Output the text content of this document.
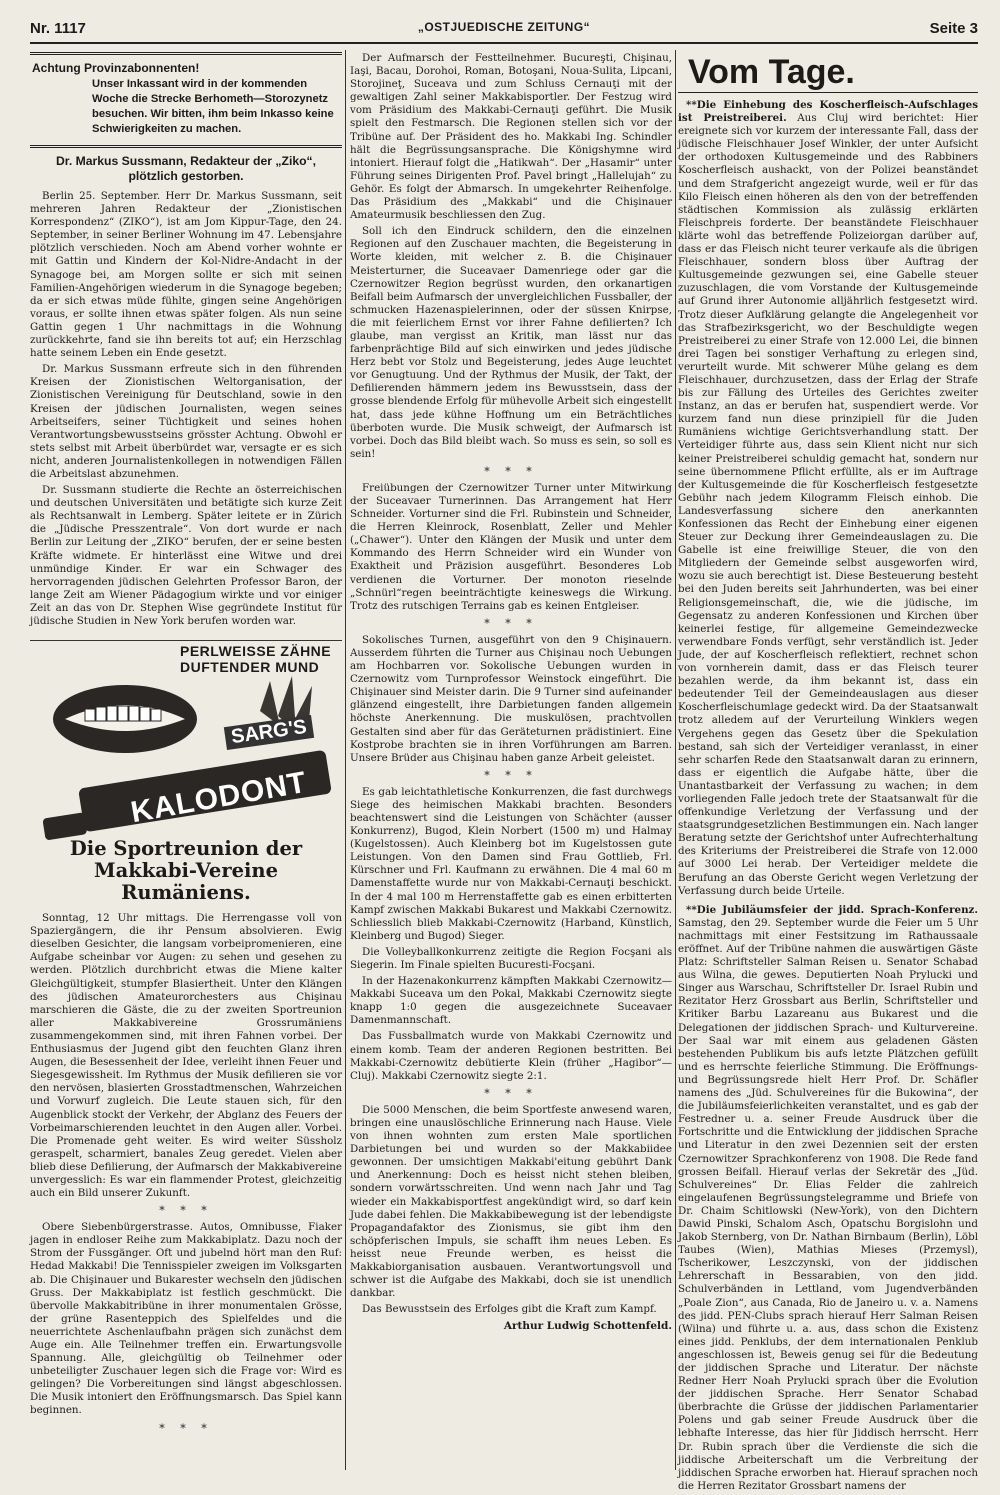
Nr. 1117	„OSTJUEDISCHE ZEITUNG“	Seite 3
Achtung Provinzabonnenten!
Unser Inkassant wird in der kommenden Woche die Strecke Berhometh—Storozynetz besuchen. Wir bitten, ihm beim Inkasso keine Schwierigkeiten zu machen.
Dr. Markus Sussmann, Redakteur der „Ziko“, plötzlich gestorben.

Berlin 25. September. Herr Dr. Markus Sussmann, seit mehreren Jahren Redakteur der „Zionistischen Korrespondenz“ (ZIKO“), ist am Jom Kippur-Tage, den 24. September, in seiner Berliner Wohnung im 47. Lebensjahre plötzlich verschieden. Noch am Abend vorher wohnte er mit Gattin und Kindern der Kol-Nidre-Andacht in der Synagoge bei, am Morgen sollte er sich mit seinen Familien-Angehörigen wiederum in die Synagoge begeben; da er sich etwas müde fühlte, gingen seine Angehörigen voraus, er sollte ihnen etwas später folgen. Als nun seine Gattin gegen 1 Uhr nachmittags in die Wohnung zurückkehrte, fand sie ihn bereits tot auf; ein Herzschlag hatte seinem Leben ein Ende gesetzt.

Dr. Markus Sussmann erfreute sich in den führenden Kreisen der Zionistischen Weltorganisation, der Zionistischen Vereinigung für Deutschland, sowie in den Kreisen der jüdischen Journalisten, wegen seines Arbeitseifers, seiner Tüchtigkeit und seines hohen Verantwortungsbewusstseins grösster Achtung. Obwohl er stets selbst mit Arbeit überbürdet war, versagte er es sich nicht, anderen Journalistenkollegen in notwendigen Fällen die Arbeitslast abzunehmen.

Dr. Sussmann studierte die Rechte an österreichischen und deutschen Universitäten und betätigte sich kurze Zeit als Rechtsanwalt in Lemberg. Später leitete er in Zürich die „Jüdische Presszentrale“. Von dort wurde er nach Berlin zur Leitung der „ZIKO“ berufen, der er seine besten Kräfte widmete. Er hinterlässt eine Witwe und drei unmündige Kinder. Er war ein Schwager des hervorragenden jüdischen Gelehrten Professor Baron, der lange Zeit am Wiener Pädagogium wirkte und vor einiger Zeit an das von Dr. Stephen Wise gegründete Institut für jüdische Studien in New York berufen worden war.

PERLWEISSE ZÄHNE
DUFTENDER MUND
SARG'S
KALODONT
Die Sportreunion der Makkabi-Vereine Rumäniens.

Sonntag, 12 Uhr mittags. Die Herrengasse voll von Spaziergängern, die ihr Pensum absolvieren. Ewig dieselben Gesichter, die langsam vorbeipromenieren, eine Aufgabe scheinbar vor Augen: zu sehen und gesehen zu werden. Plötzlich durchbricht etwas die Miene kalter Gleichgültigkeit, stumpfer Blasiertheit. Unter den Klängen des jüdischen Amateurorchesters aus Chişinau marschieren die Gäste, die zu der zweiten Sportreunion aller Makkabivereine Grossrumäniens zusammengekommen sind, mit ihren Fahnen vorbei. Der Enthusiasmus der Jugend gibt den feuchten Glanz ihren Augen, die Besessenheit der Idee, verleiht ihnen Feuer und Siegesgewissheit. Im Rythmus der Musik defilieren sie vor den nervösen, blasierten Grosstadtmenschen, Wahrzeichen und Vorwurf zugleich. Die Leute stauen sich, für den Augenblick stockt der Verkehr, der Abglanz des Feuers der Vorbeimarschierenden leuchtet in den Augen aller. Vorbei. Die Promenade geht weiter. Es wird weiter Süssholz geraspelt, scharmiert, banales Zeug geredet. Vielen aber blieb diese Defilierung, der Aufmarsch der Makkabivereine unvergesslich: Es war ein flammender Protest, gleichzeitig auch ein Bild unserer Zukunft.

* * *

Obere Siebenbürgerstrasse. Autos, Omnibusse, Fiaker jagen in endloser Reihe zum Makkabiplatz. Dazu noch der Strom der Fussgänger. Oft und jubelnd hört man den Ruf: Hedad Makkabi! Die Tennisspieler zweigen im Volksgarten ab. Die Chişinauer und Bukarester wechseln den jüdischen Gruss. Der Makkabiplatz ist festlich geschmückt. Die übervolle Makkabitribüne in ihrer monumentalen Grösse, der grüne Rasenteppich des Spielfeldes und die neuerrichtete Aschenlaufbahn prägen sich zunächst dem Auge ein. Alle Teilnehmer treffen ein. Erwartungsvolle Spannung. Alle, gleichgültig ob Teilnehmer oder unbeteiligter Zuschauer legen sich die Frage vor: Wird es gelingen? Die Vorbereitungen sind längst abgeschlossen. Die Musik intoniert den Eröffnungsmarsch. Das Spiel kann beginnen.

* * *

Der Aufmarsch der Festteilnehmer. Bucureşti, Chişinau, Iaşi, Bacau, Dorohoi, Roman, Botoşani, Noua-Sulita, Lipcani, Storojineţ, Suceava und zum Schluss Cernauţi mit der gewaltigen Zahl seiner Makkabisportler. Der Festzug wird vom Präsidium des Makkabi-Cernauţi geführt. Die Musik spielt den Festmarsch. Die Regionen stellen sich vor der Tribüne auf. Der Präsident des ho. Makkabi Ing. Schindler hält die Begrüssungsansprache. Die Königshymne wird intoniert. Hierauf folgt die „Hatikwah“. Der „Hasamir“ unter Führung seines Dirigenten Prof. Pavel bringt „Hallelujah“ zu Gehör. Es folgt der Abmarsch. In umgekehrter Reihenfolge. Das Präsidium des „Makkabi“ und die Chişinauer Amateurmusik beschliessen den Zug.

Soll ich den Eindruck schildern, den die einzelnen Regionen auf den Zuschauer machten, die Begeisterung in Worte kleiden, mit welcher z. B. die Chişinauer Meisterturner, die Suceavaer Damenriege oder gar die Czernowitzer Region begrüsst wurden, den orkanartigen Beifall beim Aufmarsch der unvergleichlichen Fussballer, der schmucken Hazenaspielerinnen, oder der süssen Knirpse, die mit feierlichem Ernst vor ihrer Fahne defilierten? Ich glaube, man vergisst an Kritik, man lässt nur das farbenprächtige Bild auf sich einwirken und jedes jüdische Herz bebt vor Stolz und Begeisterung, jedes Auge leuchtet vor Genugtuung. Und der Rythmus der Musik, der Takt, der Defilierenden hämmern jedem ins Bewusstsein, dass der grosse blendende Erfolg für mühevolle Arbeit sich eingestellt hat, dass jede kühne Hoffnung um ein Beträchtliches überboten wurde. Die Musik schweigt, der Aufmarsch ist vorbei. Doch das Bild bleibt wach. So muss es sein, so soll es sein!

* * *

Freiübungen der Czernowitzer Turner unter Mitwirkung der Suceavaer Turnerinnen. Das Arrangement hat Herr Schneider. Vorturner sind die Frl. Rubinstein und Schneider, die Herren Kleinrock, Rosenblatt, Zeller und Mehler („Chawer“). Unter den Klängen der Musik und unter dem Kommando des Herrn Schneider wird ein Wunder von Exaktheit und Präzision ausgeführt. Besonderes Lob verdienen die Vorturner. Der monoton rieselnde „Schnürl“regen beeinträchtigte keineswegs die Wirkung. Trotz des rutschigen Terrains gab es keinen Entgleiser.

* * *

Sokolisches Turnen, ausgeführt von den 9 Chişinauern. Ausserdem führten die Turner aus Chişinau noch Uebungen am Hochbarren vor. Sokolische Uebungen wurden in Czernowitz vom Turnprofessor Weinstock eingeführt. Die Chişinauer sind Meister darin. Die 9 Turner sind aufeinander glänzend eingestellt, ihre Darbietungen fanden allgemein höchste Anerkennung. Die muskulösen, prachtvollen Gestalten sind aber für das Geräteturnen prädistiniert. Eine Kostprobe brachten sie in ihren Vorführungen am Barren. Unsere Brüder aus Chişinau haben ganze Arbeit geleistet.

* * *

Es gab leichtathletische Konkurrenzen, die fast durchwegs Siege des heimischen Makkabi brachten. Besonders beachtenswert sind die Leistungen von Schächter (ausser Konkurrenz), Bugod, Klein Norbert (1500 m) und Halmay (Kugelstossen). Auch Kleinberg bot im Kugelstossen gute Leistungen. Von den Damen sind Frau Gottlieb, Frl. Kürschner und Frl. Kaufmann zu erwähnen. Die 4 mal 60 m Damenstaffette wurde nur von Makkabi-Cernauţi beschickt. In der 4 mal 100 m Herrenstaffette gab es einen erbitterten Kampf zwischen Makkabi Bukarest und Makkabi Czernowitz. Schliesslich blieb Makkabi-Czernowitz (Harband, Künstlich, Kleinberg und Bugod) Sieger.

Die Volleyballkonkurrenz zeitigte die Region Focşani als Siegerin. Im Finale spielten Bucuresti-Focşani.

In der Hazenakonkurrenz kämpften Makkabi Czernowitz—Makkabi Suceava um den Pokal, Makkabi Czernowitz siegte knapp 1:0 gegen die ausgezeichnete Suceavaer Damenmannschaft.

Das Fussballmatch wurde von Makkabi Czernowitz und einem komb. Team der anderen Regionen bestritten. Bei Makkabi-Czernowitz debütierte Klein (früher „Hagibor“—Cluj). Makkabi Czernowitz siegte 2:1.

* * *

Die 5000 Menschen, die beim Sportfeste anwesend waren, bringen eine unauslöschliche Erinnerung nach Hause. Viele von ihnen wohnten zum ersten Male sportlichen Darbietungen bei und wurden so der Makkabiidee gewonnen. Der umsichtigen Makkabi'eitung gebührt Dank und Anerkennung: Doch es heisst nicht stehen bleiben, sondern vorwärtsschreiten. Und wenn nach Jahr und Tag wieder ein Makkabisportfest angekündigt wird, so darf kein Jude dabei fehlen. Die Makkabibewegung ist der lebendigste Propagandafaktor des Zionismus, sie gibt ihm den schöpferischen Impuls, sie schafft ihm neues Leben. Es heisst neue Freunde werben, es heisst die Makkabiorganisation ausbauen. Verantwortungsvoll und schwer ist die Aufgabe des Makkabi, doch sie ist unendlich dankbar.

Das Bewusstsein des Erfolges gibt die Kraft zum Kampf.

Arthur Ludwig Schottenfeld.
Vom Tage.

**Die Einhebung des Koscherfleisch-Aufschlages ist Preistreiberei. Aus Cluj wird berichtet: Hier ereignete sich vor kurzem der interessante Fall, dass der jüdische Fleischhauer Josef Winkler, der unter Aufsicht der orthodoxen Kultusgemeinde und des Rabbiners Koscherfleisch aushackt, von der Polizei beanständet und dem Strafgericht angezeigt wurde, weil er für das Kilo Fleisch einen höheren als den von der betreffenden städtischen Kommission als zulässig erklärten Fleischpreis forderte. Der beanständete Fleischhauer klärte wohl das betreffende Polizeiorgan darüber auf, dass er das Fleisch nicht teurer verkaufe als die übrigen Fleischhauer, sondern bloss über Auftrag der Kultusgemeinde gezwungen sei, eine Gabelle steuer zuzuschlagen, die vom Vorstande der Kultusgemeinde auf Grund ihrer Autonomie alljährlich festgesetzt wird. Trotz dieser Aufklärung gelangte die Angelegenheit vor das Strafbezirksgericht, wo der Beschuldigte wegen Preistreiberei zu einer Strafe von 12.000 Lei, die binnen drei Tagen bei sonstiger Verhaftung zu erlegen sind, verurteilt wurde. Mit schwerer Mühe gelang es dem Fleischhauer, durchzusetzen, dass der Erlag der Strafe bis zur Fällung des Urteiles des Gerichtes zweiter Instanz, an das er berufen hat, suspendiert werde. Vor kurzem fand nun diese prinzipiell für die Juden Rumäniens wichtige Gerichtsverhandlung statt. Der Verteidiger führte aus, dass sein Klient nicht nur sich keiner Preistreiberei schuldig gemacht hat, sondern nur seine übernommene Pflicht erfüllte, als er im Auftrage der Kultusgemeinde die für Koscherfleisch festgesetzte Gebühr nach jedem Kilogramm Fleisch einhob. Die Landesverfassung sichere den anerkannten Konfessionen das Recht der Einhebung einer eigenen Steuer zur Deckung ihrer Gemeindeauslagen zu. Die Gabelle ist eine freiwillige Steuer, die von den Mitgliedern der Gemeinde selbst ausgeworfen wird, wozu sie auch berechtigt ist. Diese Besteuerung besteht bei den Juden bereits seit Jahrhunderten, was bei einer Religionsgemeinschaft, die, wie die jüdische, im Gegensatz zu anderen Konfessionen und Kirchen über keinerlei festige, für allgemeine Gemeindezwecke verwendbare Fonds verfügt, sehr verständlich ist. Jeder Jude, der auf Koscherfleisch reflektiert, rechnet schon von vornherein damit, dass er das Fleisch teurer bezahlen werde, da ihm bekannt ist, dass ein bedeutender Teil der Gemeindeauslagen aus dieser Koscherfleischumlage gedeckt wird. Da der Staatsanwalt trotz alledem auf der Verurteilung Winklers wegen Vergehens gegen das Gesetz über die Spekulation bestand, sah sich der Verteidiger veranlasst, in einer sehr scharfen Rede den Staatsanwalt daran zu erinnern, dass er eigentlich die Aufgabe hätte, über die Unantastbarkeit der Verfassung zu wachen; in dem vorliegenden Falle jedoch trete der Staatsanwalt für die offenkundige Verletzung der Verfassung und der staatsgrundgesetzlichen Bestimmungen ein. Nach langer Beratung setzte der Gerichtshof unter Aufrechterhaltung des Kriteriums der Preistreiberei die Strafe von 12.000 auf 3000 Lei herab. Der Verteidiger meldete die Berufung an das Oberste Gericht wegen Verletzung der Verfassung durch beide Urteile.

**Die Jubiläumsfeier der jidd. Sprach-Konferenz. Samstag, den 29. September wurde die Feier um 5 Uhr nachmittags mit einer Festsitzung im Rathaussaale eröffnet. Auf der Tribüne nahmen die auswärtigen Gäste Platz: Schriftsteller Salman Reisen u. Senator Schabad aus Wilna, die gewes. Deputierten Noah Prylucki und Singer aus Warschau, Schriftsteller Dr. Israel Rubin und Rezitator Herz Grossbart aus Berlin, Schriftsteller und Kritiker Barbu Lazareanu aus Bukarest und die Delegationen der jiddischen Sprach- und Kulturvereine. Der Saal war mit einem aus geladenen Gästen bestehenden Publikum bis aufs letzte Plätzchen gefüllt und es herrschte feierliche Stimmung. Die Eröffnungs- und Begrüssungsrede hielt Herr Prof. Dr. Schäfler namens des „Jüd. Schulvereines für die Bukowina“, der die Jubiläumsfeierlichkeiten veranstaltet, und es gab der Festredner u. a. seiner Freude Ausdruck über die Fortschritte und die Entwicklung der jiddischen Sprache und Literatur in den zwei Dezennien seit der ersten Czernowitzer Sprachkonferenz von 1908. Die Rede fand grossen Beifall. Hierauf verlas der Sekretär des „Jüd. Schulvereines“ Dr. Elias Felder die zahlreich eingelaufenen Begrüssungstelegramme und Briefe von Dr. Chaim Schitlowski (New-York), von den Dichtern Dawid Pinski, Schalom Asch, Opatschu Borgislohn und Jakob Sternberg, von Dr. Nathan Birnbaum (Berlin), Löbl Taubes (Wien), Mathias Mieses (Przemysl), Tscherikower, Leszczynski, von der jiddischen Lehrerschaft in Bessarabien, von den jidd. Schulverbänden in Lettland, vom Jugendverbänden „Poale Zion“, aus Canada, Rio de Janeiro u. v. a. Namens des jidd. PEN-Clubs sprach hierauf Herr Salman Reisen (Wilna) und führte u. a. aus, dass schon die Existenz eines jidd. Penklubs, der dem internationalen Penklub angeschlossen ist, Beweis genug sei für die Bedeutung der jiddischen Sprache und Literatur. Der nächste Redner Herr Noah Prylucki sprach über die Evolution der jiddischen Sprache. Herr Senator Schabad überbrachte die Grüsse der jiddischen Parlamentarier Polens und gab seiner Freude Ausdruck über die lebhafte Interesse, das hier für Jiddisch herrscht. Herr Dr. Rubin sprach über die Verdienste die sich die jiddische Arbeiterschaft um die Verbreitung der jiddischen Sprache erworben hat. Hierauf sprachen noch die Herren Rezitator Grossbart namens der
